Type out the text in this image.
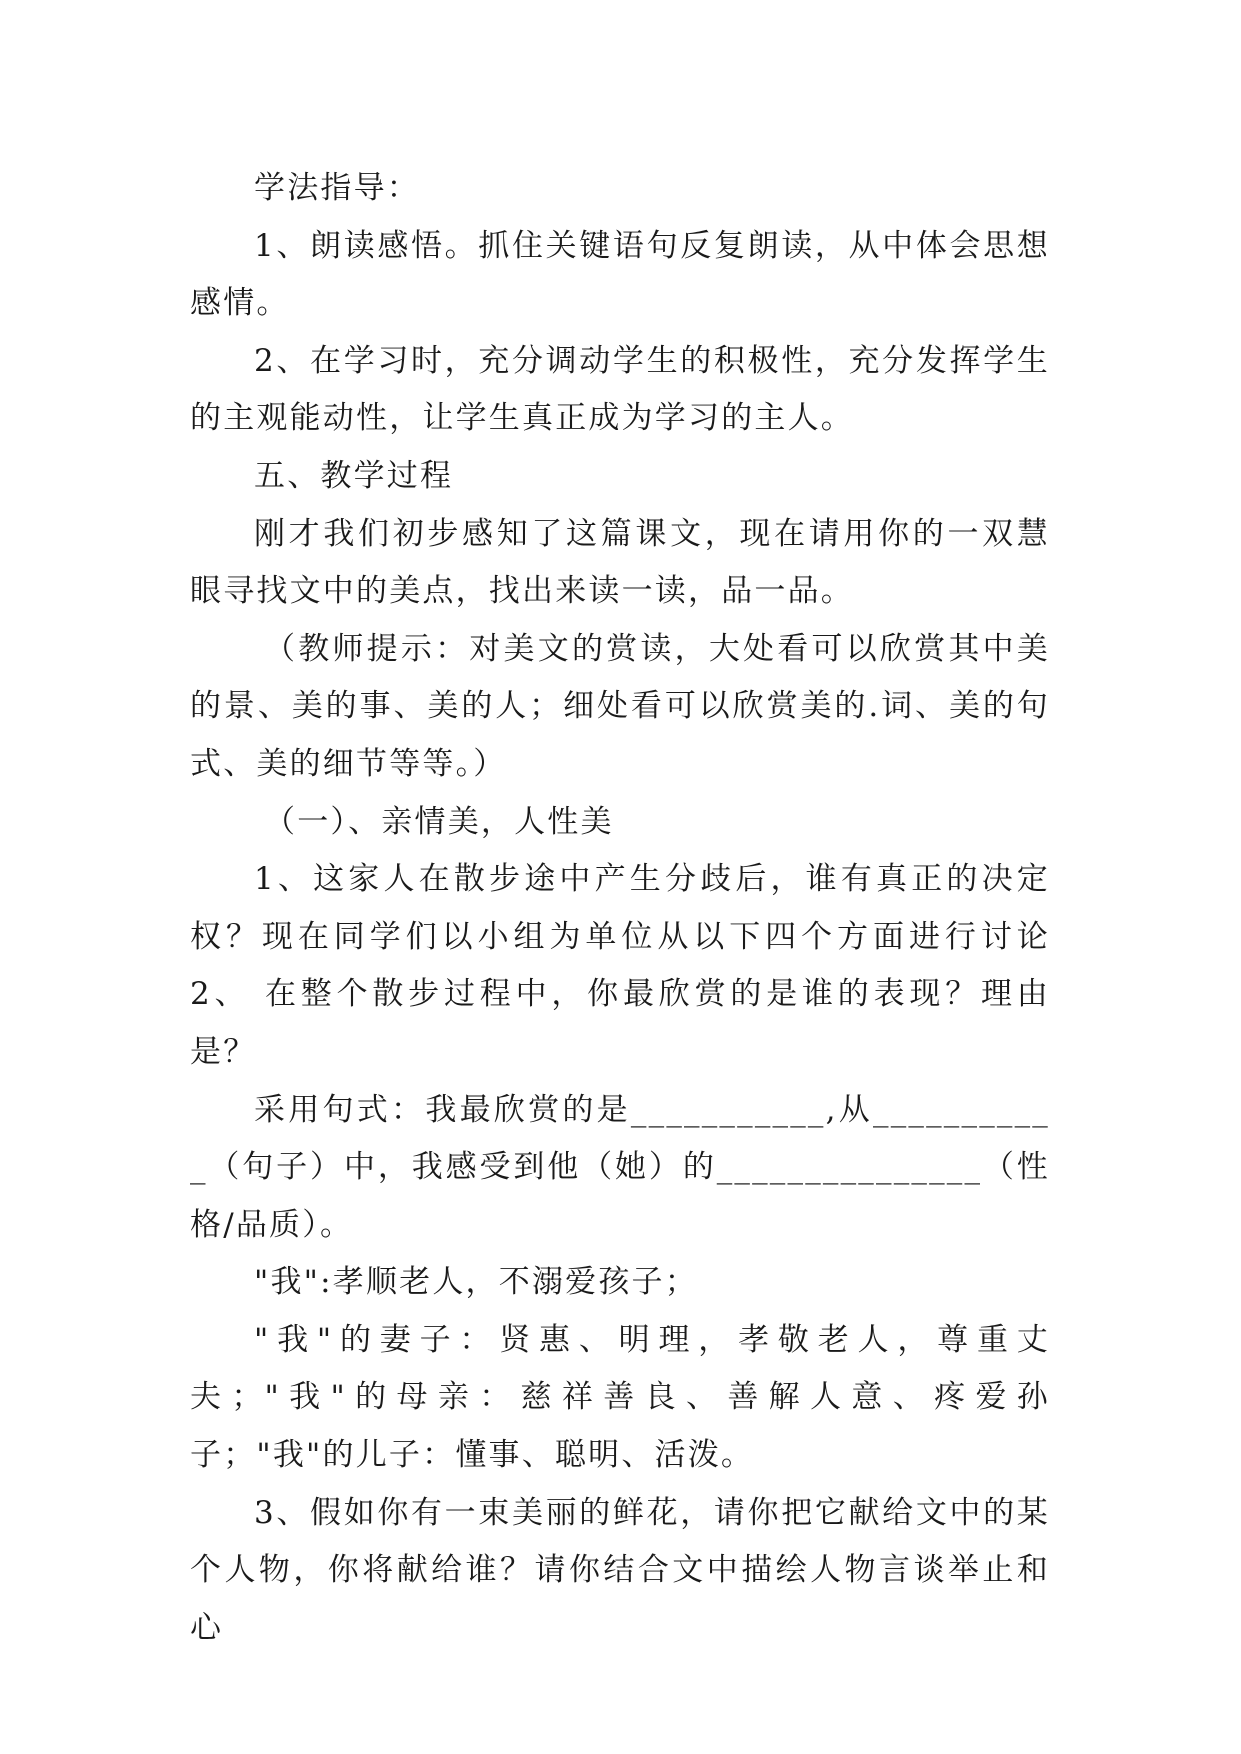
学法指导：

1、朗读感悟。抓住关键语句反复朗读，从中体会思想感情。

2、在学习时，充分调动学生的积极性，充分发挥学生的主观能动性，让学生真正成为学习的主人。

五、教学过程

刚才我们初步感知了这篇课文，现在请用你的一双慧眼寻找文中的美点，找出来读一读，品一品。

（教师提示：对美文的赏读，大处看可以欣赏其中美的景、美的事、美的人；细处看可以欣赏美的.词、美的句式、美的细节等等。）

（一）、亲情美，人性美

1、这家人在散步途中产生分歧后，谁有真正的决定权？现在同学们以小组为单位从以下四个方面进行讨论 2、 在整个散步过程中，你最欣赏的是谁的表现？理由是？

采用句式：我最欣赏的是___________,从___________（句子）中，我感受到他（她）的_______________（性格/品质）。

"我":孝顺老人，不溺爱孩子；

"我"的妻子：贤惠、明理，孝敬老人，尊重丈夫；"我"的母亲：慈祥善良、善解人意、疼爱孙子；"我"的儿子：懂事、聪明、活泼。

3、假如你有一束美丽的鲜花，请你把它献给文中的某个人物，你将献给谁？请你结合文中描绘人物言谈举止和心
